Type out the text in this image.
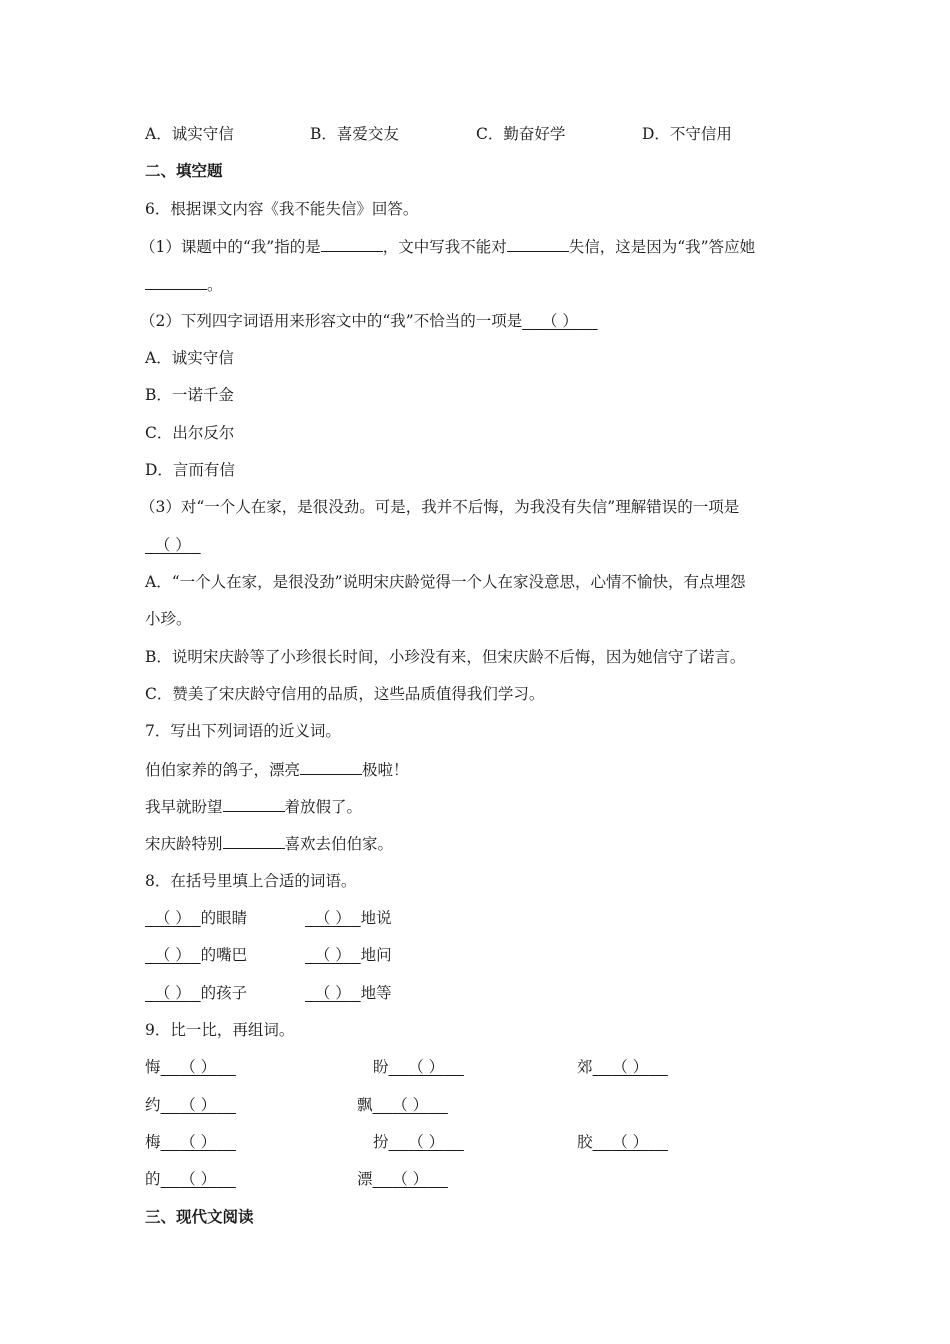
A．诚实守信	B．喜爱交友	C．勤奋好学	D．不守信用
二、填空题
6．根据课文内容《我不能失信》回答。
（1）课题中的“我”指的是	，文中写我不能对	失信，这是因为“我”答应她
。
（2）下列四字词语用来形容文中的“我”不恰当的一项是 （ ）
A．诚实守信
B．一诺千金
C．出尔反尔
D．言而有信
（3）对“一个人在家，是很没劲。可是，我并不后悔，为我没有失信”理解错误的一项是
（ ）
A．“一个人在家，是很没劲”说明宋庆龄觉得一个人在家没意思，心情不愉快，有点埋怨
小珍。
B．说明宋庆龄等了小珍很长时间，小珍没有来，但宋庆龄不后悔，因为她信守了诺言。
C．赞美了宋庆龄守信用的品质，这些品质值得我们学习。
7．写出下列词语的近义词。
伯伯家养的鸽子，漂亮	极啦！
我早就盼望	着放假了。
宋庆龄特别	喜欢去伯伯家。
8．在括号里填上合适的词语。
（ ） 的眼睛	（ ） 地说
（ ） 的嘴巴	（ ） 地问
（ ） 的孩子	（ ） 地等
9．比一比，再组词。
悔 （ ）	盼 （ ）	郊 （ ）
约 （ ）	飘 （ ）
梅 （ ）	扮 （ ）	胶 （ ）
的 （ ）	漂 （ ）
三、现代文阅读
